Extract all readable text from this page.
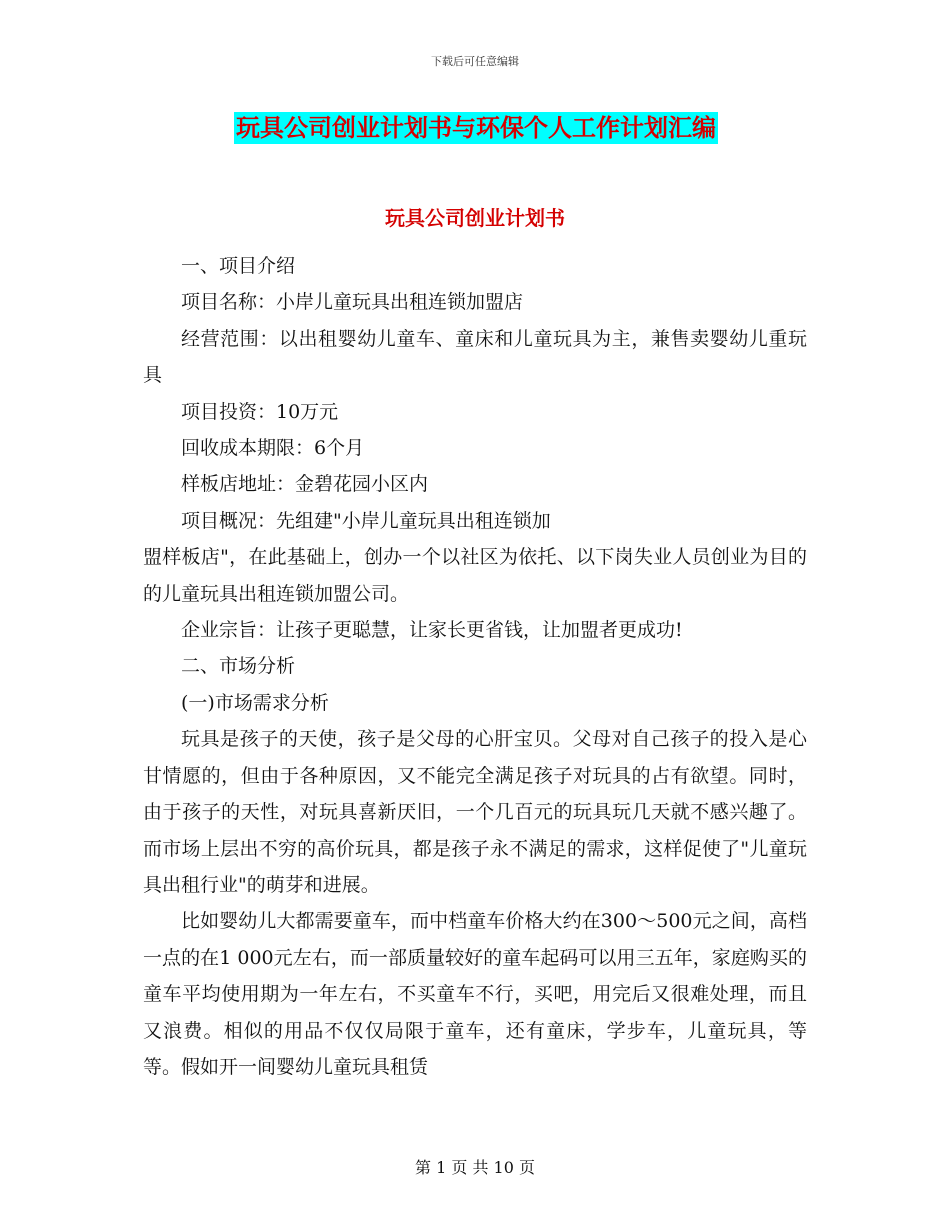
下载后可任意编辑
玩具公司创业计划书与环保个人工作计划汇编
玩具公司创业计划书

一、项目介绍

项目名称：小岸儿童玩具出租连锁加盟店

经营范围：以出租婴幼儿童车、童床和儿童玩具为主，兼售卖婴幼儿重玩具

项目投资：10万元

回收成本期限：6个月

样板店地址：金碧花园小区内

项目概况：先组建"小岸儿童玩具出租连锁加

盟样板店"，在此基础上，创办一个以社区为依托、以下岗失业人员创业为目的的儿童玩具出租连锁加盟公司。

企业宗旨：让孩子更聪慧，让家长更省钱，让加盟者更成功!

二、市场分析

(一)市场需求分析

玩具是孩子的天使，孩子是父母的心肝宝贝。父母对自己孩子的投入是心甘情愿的，但由于各种原因，又不能完全满足孩子对玩具的占有欲望。同时，由于孩子的天性，对玩具喜新厌旧，一个几百元的玩具玩几天就不感兴趣了。而市场上层出不穷的高价玩具，都是孩子永不满足的需求，这样促使了"儿童玩具出租行业"的萌芽和进展。

比如婴幼儿大都需要童车，而中档童车价格大约在300～500元之间，高档一点的在1 000元左右，而一部质量较好的童车起码可以用三五年，家庭购买的童车平均使用期为一年左右，不买童车不行，买吧，用完后又很难处理，而且又浪费。相似的用品不仅仅局限于童车，还有童床，学步车，儿童玩具，等等。假如开一间婴幼儿童玩具租赁

第 1 页 共 10 页
